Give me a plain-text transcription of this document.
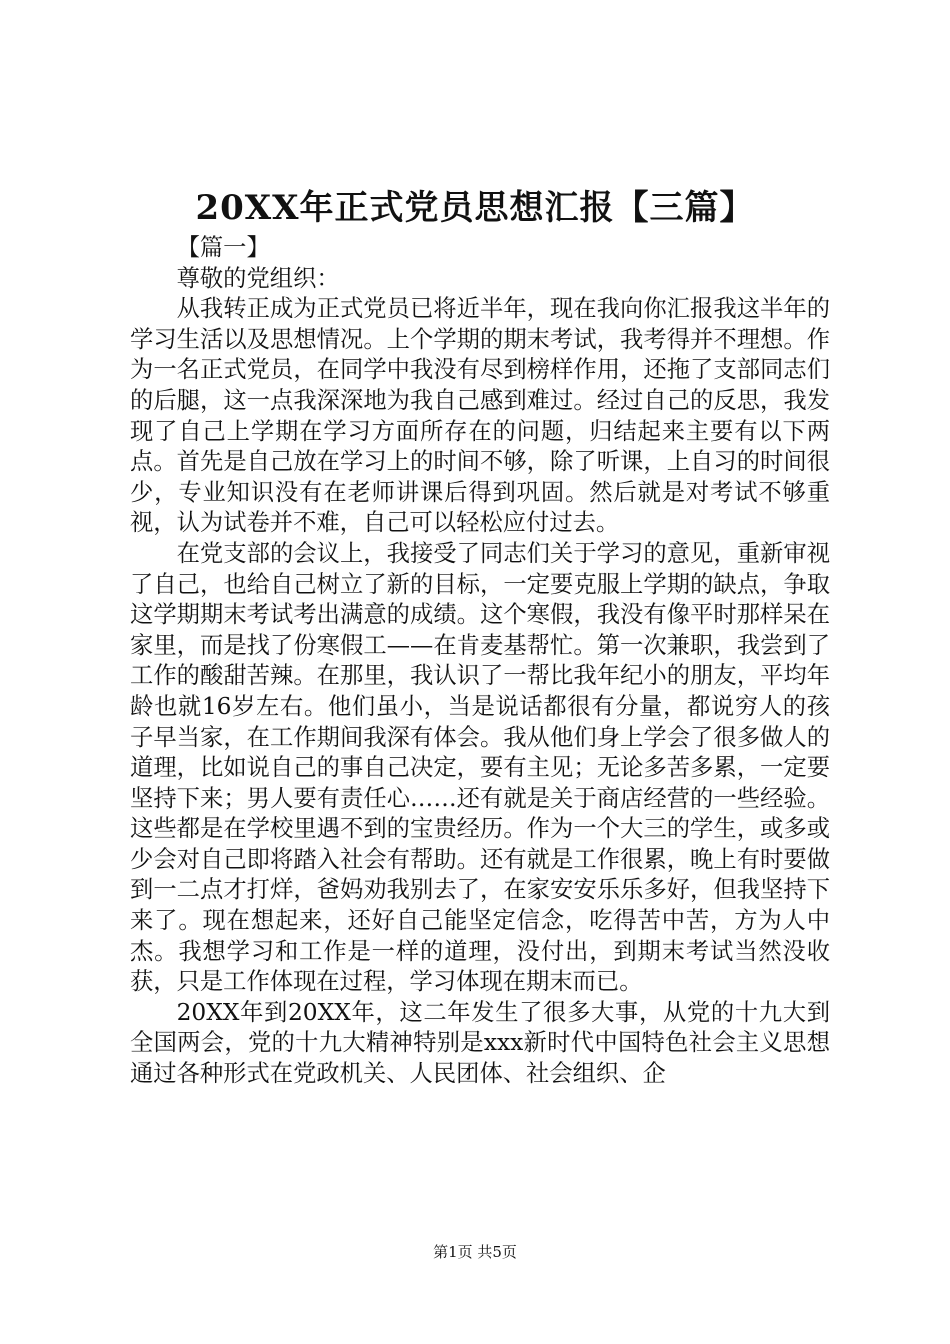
20XX年正式党员思想汇报【三篇】

【篇一】

尊敬的党组织：

从我转正成为正式党员已将近半年，现在我向你汇报我这半年的学习生活以及思想情况。上个学期的期末考试，我考得并不理想。作为一名正式党员，在同学中我没有尽到榜样作用，还拖了支部同志们的后腿，这一点我深深地为我自己感到难过。经过自己的反思，我发现了自己上学期在学习方面所存在的问题，归结起来主要有以下两点。首先是自己放在学习上的时间不够，除了听课，上自习的时间很少，专业知识没有在老师讲课后得到巩固。然后就是对考试不够重视，认为试卷并不难，自己可以轻松应付过去。

在党支部的会议上，我接受了同志们关于学习的意见，重新审视了自己，也给自己树立了新的目标，一定要克服上学期的缺点，争取这学期期末考试考出满意的成绩。这个寒假，我没有像平时那样呆在家里，而是找了份寒假工——在肯麦基帮忙。第一次兼职，我尝到了工作的酸甜苦辣。在那里，我认识了一帮比我年纪小的朋友，平均年龄也就16岁左右。他们虽小，当是说话都很有分量，都说穷人的孩子早当家，在工作期间我深有体会。我从他们身上学会了很多做人的道理，比如说自己的事自己决定，要有主见；无论多苦多累，一定要坚持下来；男人要有责任心……还有就是关于商店经营的一些经验。这些都是在学校里遇不到的宝贵经历。作为一个大三的学生，或多或少会对自己即将踏入社会有帮助。还有就是工作很累，晚上有时要做到一二点才打烊，爸妈劝我别去了，在家安安乐乐多好，但我坚持下来了。现在想起来，还好自己能坚定信念，吃得苦中苦，方为人中杰。我想学习和工作是一样的道理，没付出，到期末考试当然没收获，只是工作体现在过程，学习体现在期末而已。

20XX年到20XX年，这二年发生了很多大事，从党的十九大到全国两会，党的十九大精神特别是xxx新时代中国特色社会主义思想通过各种形式在党政机关、人民团体、社会组织、企

第1页 共5页
